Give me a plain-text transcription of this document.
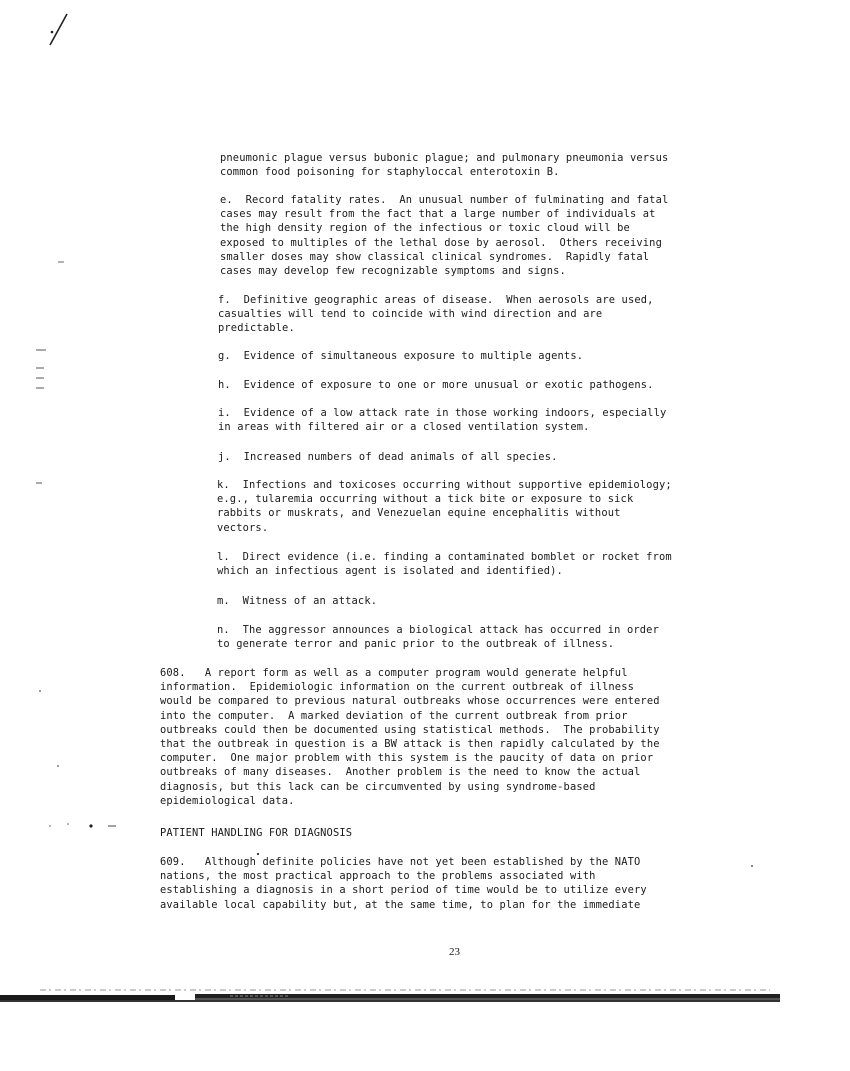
pneumonic plague versus bubonic plague; and pulmonary pneumonia versus
common food poisoning for staphyloccal enterotoxin B.
e.  Record fatality rates.  An unusual number of fulminating and fatal
cases may result from the fact that a large number of individuals at
the high density region of the infectious or toxic cloud will be
exposed to multiples of the lethal dose by aerosol.  Others receiving
smaller doses may show classical clinical syndromes.  Rapidly fatal
cases may develop few recognizable symptoms and signs.
f.  Definitive geographic areas of disease.  When aerosols are used,
casualties will tend to coincide with wind direction and are
predictable.
g.  Evidence of simultaneous exposure to multiple agents.
h.  Evidence of exposure to one or more unusual or exotic pathogens.
i.  Evidence of a low attack rate in those working indoors, especially
in areas with filtered air or a closed ventilation system.
j.  Increased numbers of dead animals of all species.
k.  Infections and toxicoses occurring without supportive epidemiology;
e.g., tularemia occurring without a tick bite or exposure to sick
rabbits or muskrats, and Venezuelan equine encephalitis without
vectors.
l.  Direct evidence (i.e. finding a contaminated bomblet or rocket from
which an infectious agent is isolated and identified).
m.  Witness of an attack.
n.  The aggressor announces a biological attack has occurred in order
to generate terror and panic prior to the outbreak of illness.
608.   A report form as well as a computer program would generate helpful
information.  Epidemiologic information on the current outbreak of illness
would be compared to previous natural outbreaks whose occurrences were entered
into the computer.  A marked deviation of the current outbreak from prior
outbreaks could then be documented using statistical methods.  The probability
that the outbreak in question is a BW attack is then rapidly calculated by the
computer.  One major problem with this system is the paucity of data on prior
outbreaks of many diseases.  Another problem is the need to know the actual
diagnosis, but this lack can be circumvented by using syndrome-based
epidemiological data.
PATIENT HANDLING FOR DIAGNOSIS
609.   Although definite policies have not yet been established by the NATO
nations, the most practical approach to the problems associated with
establishing a diagnosis in a short period of time would be to utilize every
available local capability but, at the same time, to plan for the immediate
23
